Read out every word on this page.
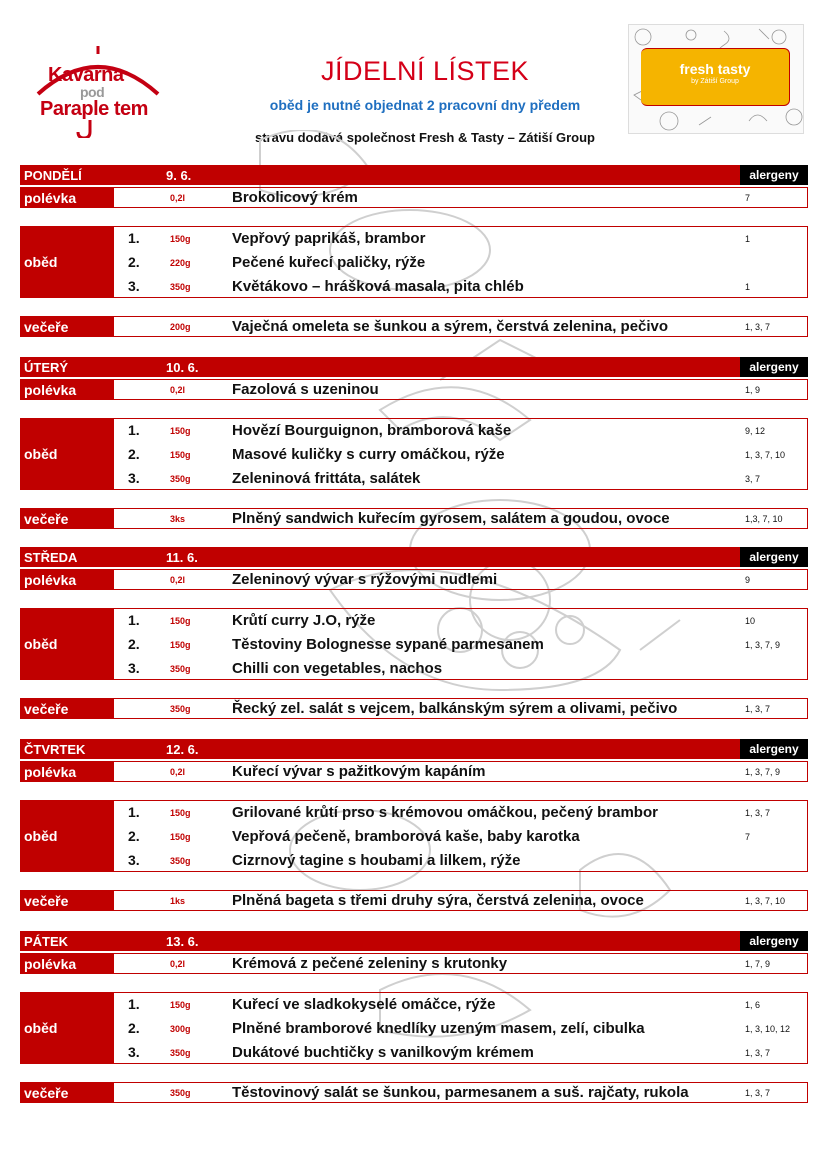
Kavárna
pod
Paraple tem
JÍDELNÍ LÍSTEK
oběd je nutné objednat 2 pracovní dny předem
stravu dodává společnost Fresh & Tasty – Zátiší Group
fresh tasty
by Zátiší Group
PONDĚLÍ	9. 6.	alergeny
polévka	0,2l	Brokolicový krém	7
oběd
1.	150g	Vepřový paprikáš, brambor	1
2.	220g	Pečené kuřecí paličky, rýže
3.	350g	Květákovo – hrášková masala, pita chléb	1
večeře	200g	Vaječná omeleta se šunkou a sýrem, čerstvá zelenina, pečivo	1, 3, 7
ÚTERÝ	10. 6.	alergeny
polévka	0,2l	Fazolová s uzeninou	1, 9
oběd
1.	150g	Hovězí Bourguignon, bramborová kaše	9, 12
2.	150g	Masové kuličky s curry omáčkou, rýže	1, 3, 7, 10
3.	350g	Zeleninová frittáta, salátek	3, 7
večeře	3ks	Plněný sandwich kuřecím gyrosem, salátem a goudou, ovoce	1,3, 7, 10
STŘEDA	11. 6.	alergeny
polévka	0,2l	Zeleninový vývar s rýžovými nudlemi	9
oběd
1.	150g	Krůtí curry J.O, rýže	10
2.	150g	Těstoviny Bolognesse sypané parmesanem	1, 3, 7, 9
3.	350g	Chilli con vegetables, nachos
večeře	350g	Řecký zel. salát s vejcem, balkánským sýrem a olivami, pečivo	1, 3, 7
ČTVRTEK	12. 6.	alergeny
polévka	0,2l	Kuřecí vývar s pažitkovým kapáním	1, 3, 7, 9
oběd
1.	150g	Grilované krůtí prso s krémovou omáčkou, pečený brambor	1, 3, 7
2.	150g	Vepřová pečeně, bramborová kaše, baby karotka	7
3.	350g	Cizrnový tagine s houbami a lilkem, rýže
večeře	1ks	Plněná bageta s třemi druhy sýra, čerstvá zelenina, ovoce	1, 3, 7, 10
PÁTEK	13. 6.	alergeny
polévka	0,2l	Krémová z pečené zeleniny s krutonky	1, 7, 9
oběd
1.	150g	Kuřecí ve sladkokyselé omáčce, rýže	1, 6
2.	300g	Plněné bramborové knedlíky uzeným masem, zelí, cibulka	1, 3, 10, 12
3.	350g	Dukátové buchtičky s vanilkovým krémem	1, 3, 7
večeře	350g	Těstovinový salát se šunkou, parmesanem a suš. rajčaty, rukola	1, 3, 7
